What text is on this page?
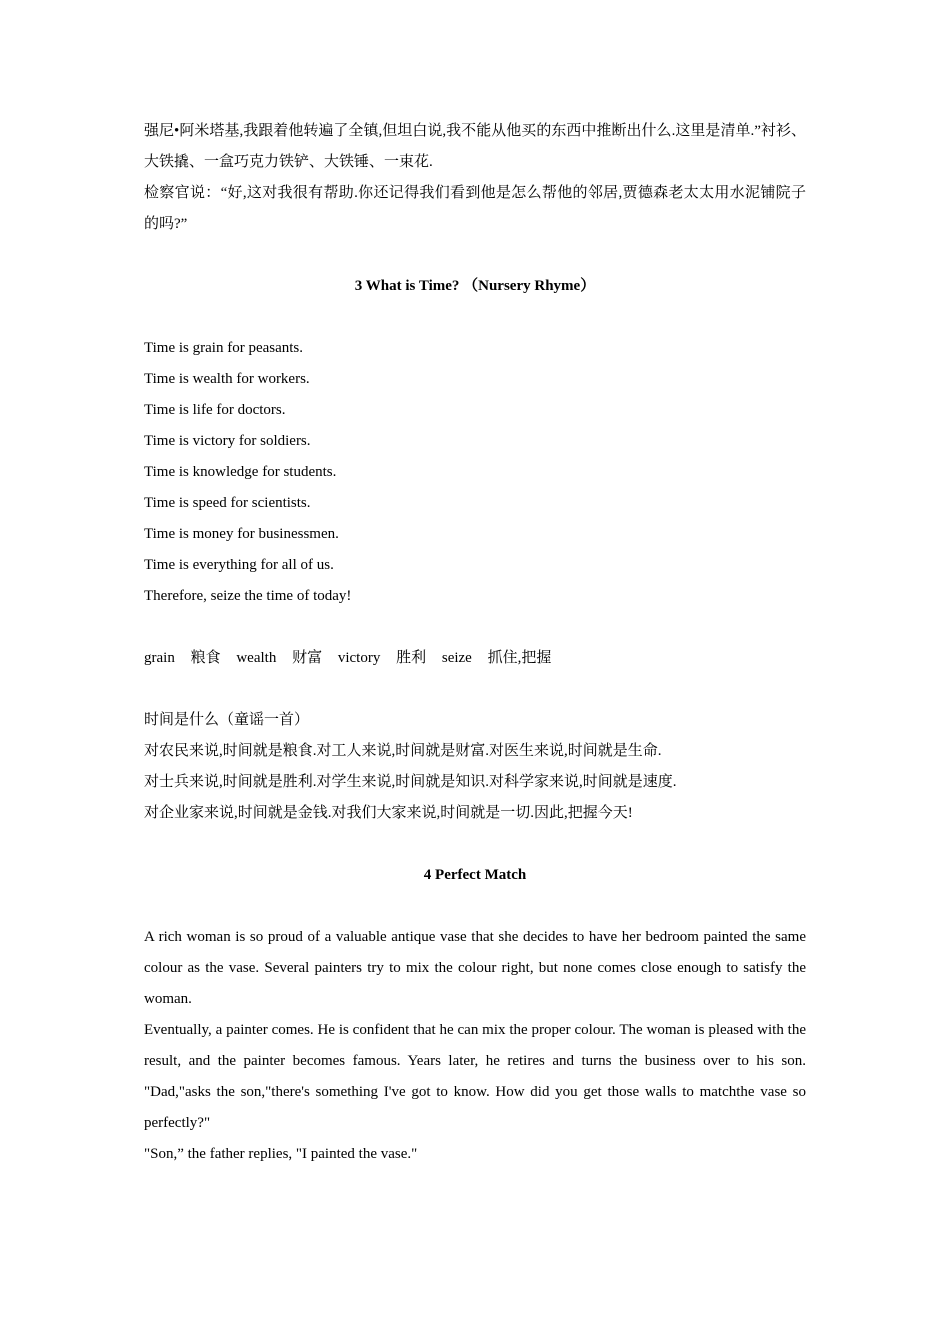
强尼•阿米塔基,我跟着他转遍了全镇,但坦白说,我不能从他买的东西中推断出什么.这里是清单.”衬衫、大铁撬、一盒巧克力铁铲、大铁锤、一束花.

检察官说：“好,这对我很有帮助.你还记得我们看到他是怎么帮他的邻居,贾德森老太太用水泥铺院子的吗?”

3 What is Time? （Nursery Rhyme）

Time is grain for peasants.

Time is wealth for workers.

Time is life for doctors.

Time is victory for soldiers.

Time is knowledge for students.

Time is speed for scientists.

Time is money for businessmen.

Time is everything for all of us.

Therefore, seize the time of today!

grain 粮食 wealth 财富 victory 胜利 seize 抓住,把握

时间是什么（童谣一首）

对农民来说,时间就是粮食.对工人来说,时间就是财富.对医生来说,时间就是生命.

对士兵来说,时间就是胜利.对学生来说,时间就是知识.对科学家来说,时间就是速度.

对企业家来说,时间就是金钱.对我们大家来说,时间就是一切.因此,把握今天!

4 Perfect Match

A rich woman is so proud of a valuable antique vase that she decides to have her bedroom painted the same colour as the vase. Several painters try to mix the colour right, but none comes close enough to satisfy the woman.

Eventually, a painter comes. He is confident that he can mix the proper colour. The woman is pleased with the result, and the painter becomes famous. Years later, he retires and turns the business over to his son. "Dad,"asks the son,"there's something I've got to know. How did you get those walls to matchthe vase so perfectly?"

"Son,” the father replies, "I painted the vase."
